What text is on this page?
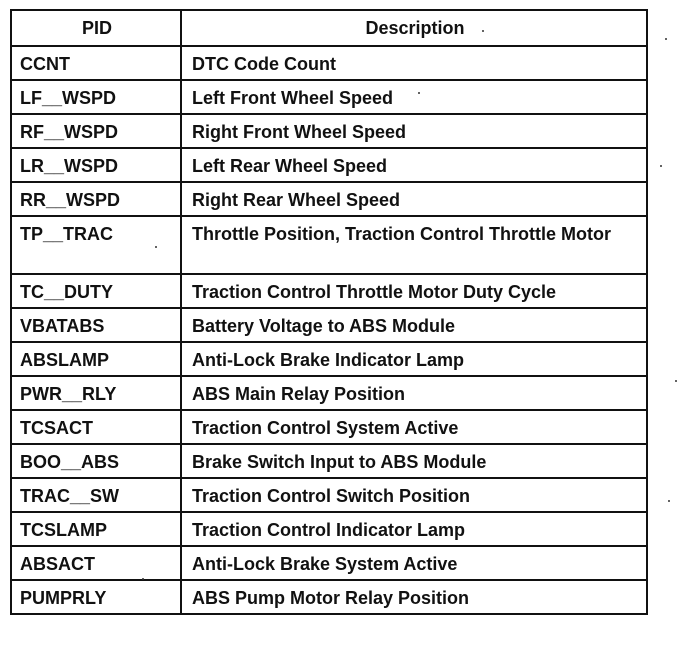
PID	Description
CCNT	DTC Code Count
LF__WSPD	Left Front Wheel Speed
RF__WSPD	Right Front Wheel Speed
LR__WSPD	Left Rear Wheel Speed
RR__WSPD	Right Rear Wheel Speed
TP__TRAC	Throttle Position, Traction Control Throttle Motor
TC__DUTY	Traction Control Throttle Motor Duty Cycle
VBATABS	Battery Voltage to ABS Module
ABSLAMP	Anti-Lock Brake Indicator Lamp
PWR__RLY	ABS Main Relay Position
TCSACT	Traction Control System Active
BOO__ABS	Brake Switch Input to ABS Module
TRAC__SW	Traction Control Switch Position
TCSLAMP	Traction Control Indicator Lamp
ABSACT	Anti-Lock Brake System Active
PUMPRLY	ABS Pump Motor Relay Position
